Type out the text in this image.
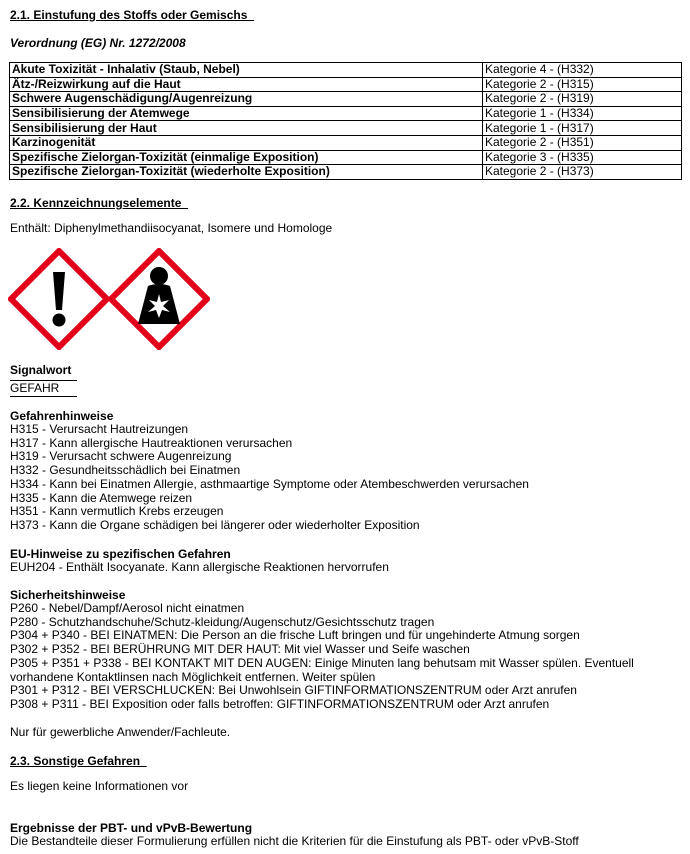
2.1. Einstufung des Stoffs oder Gemischs
Verordnung (EG) Nr. 1272/2008
Akute Toxizität - Inhalativ (Staub, Nebel)	Kategorie 4 - (H332)
Ätz-/Reizwirkung auf die Haut	Kategorie 2 - (H315)
Schwere Augenschädigung/Augenreizung	Kategorie 2 - (H319)
Sensibilisierung der Atemwege	Kategorie 1 - (H334)
Sensibilisierung der Haut	Kategorie 1 - (H317)
Karzinogenität	Kategorie 2 - (H351)
Spezifische Zielorgan-Toxizität (einmalige Exposition)	Kategorie 3 - (H335)
Spezifische Zielorgan-Toxizität (wiederholte Exposition)	Kategorie 2 - (H373)
2.2. Kennzeichnungselemente
Enthält: Diphenylmethandiisocyanat, Isomere und Homologe
Signalwort
GEFAHR
Gefahrenhinweise
H315 - Verursacht Hautreizungen
H317 - Kann allergische Hautreaktionen verursachen
H319 - Verursacht schwere Augenreizung
H332 - Gesundheitsschädlich bei Einatmen
H334 - Kann bei Einatmen Allergie, asthmaartige Symptome oder Atembeschwerden verursachen
H335 - Kann die Atemwege reizen
H351 - Kann vermutlich Krebs erzeugen
H373 - Kann die Organe schädigen bei längerer oder wiederholter Exposition
EU-Hinweise zu spezifischen Gefahren
EUH204 - Enthält Isocyanate. Kann allergische Reaktionen hervorrufen
Sicherheitshinweise
P260 - Nebel/Dampf/Aerosol nicht einatmen
P280 - Schutzhandschuhe/Schutz-kleidung/Augenschutz/Gesichtsschutz tragen
P304 + P340 - BEI EINATMEN: Die Person an die frische Luft bringen und für ungehinderte Atmung sorgen
P302 + P352 - BEI BERÜHRUNG MIT DER HAUT: Mit viel Wasser und Seife waschen
P305 + P351 + P338 - BEI KONTAKT MIT DEN AUGEN: Einige Minuten lang behutsam mit Wasser spülen. Eventuell vorhandene Kontaktlinsen nach Möglichkeit entfernen. Weiter spülen
P301 + P312 - BEI VERSCHLUCKEN: Bei Unwohlsein GIFTINFORMATIONSZENTRUM oder Arzt anrufen
P308 + P311 - BEI Exposition oder falls betroffen: GIFTINFORMATIONSZENTRUM oder Arzt anrufen
Nur für gewerbliche Anwender/Fachleute.
2.3. Sonstige Gefahren
Es liegen keine Informationen vor
Ergebnisse der PBT- und vPvB-Bewertung
Die Bestandteile dieser Formulierung erfüllen nicht die Kriterien für die Einstufung als PBT- oder vPvB-Stoff
